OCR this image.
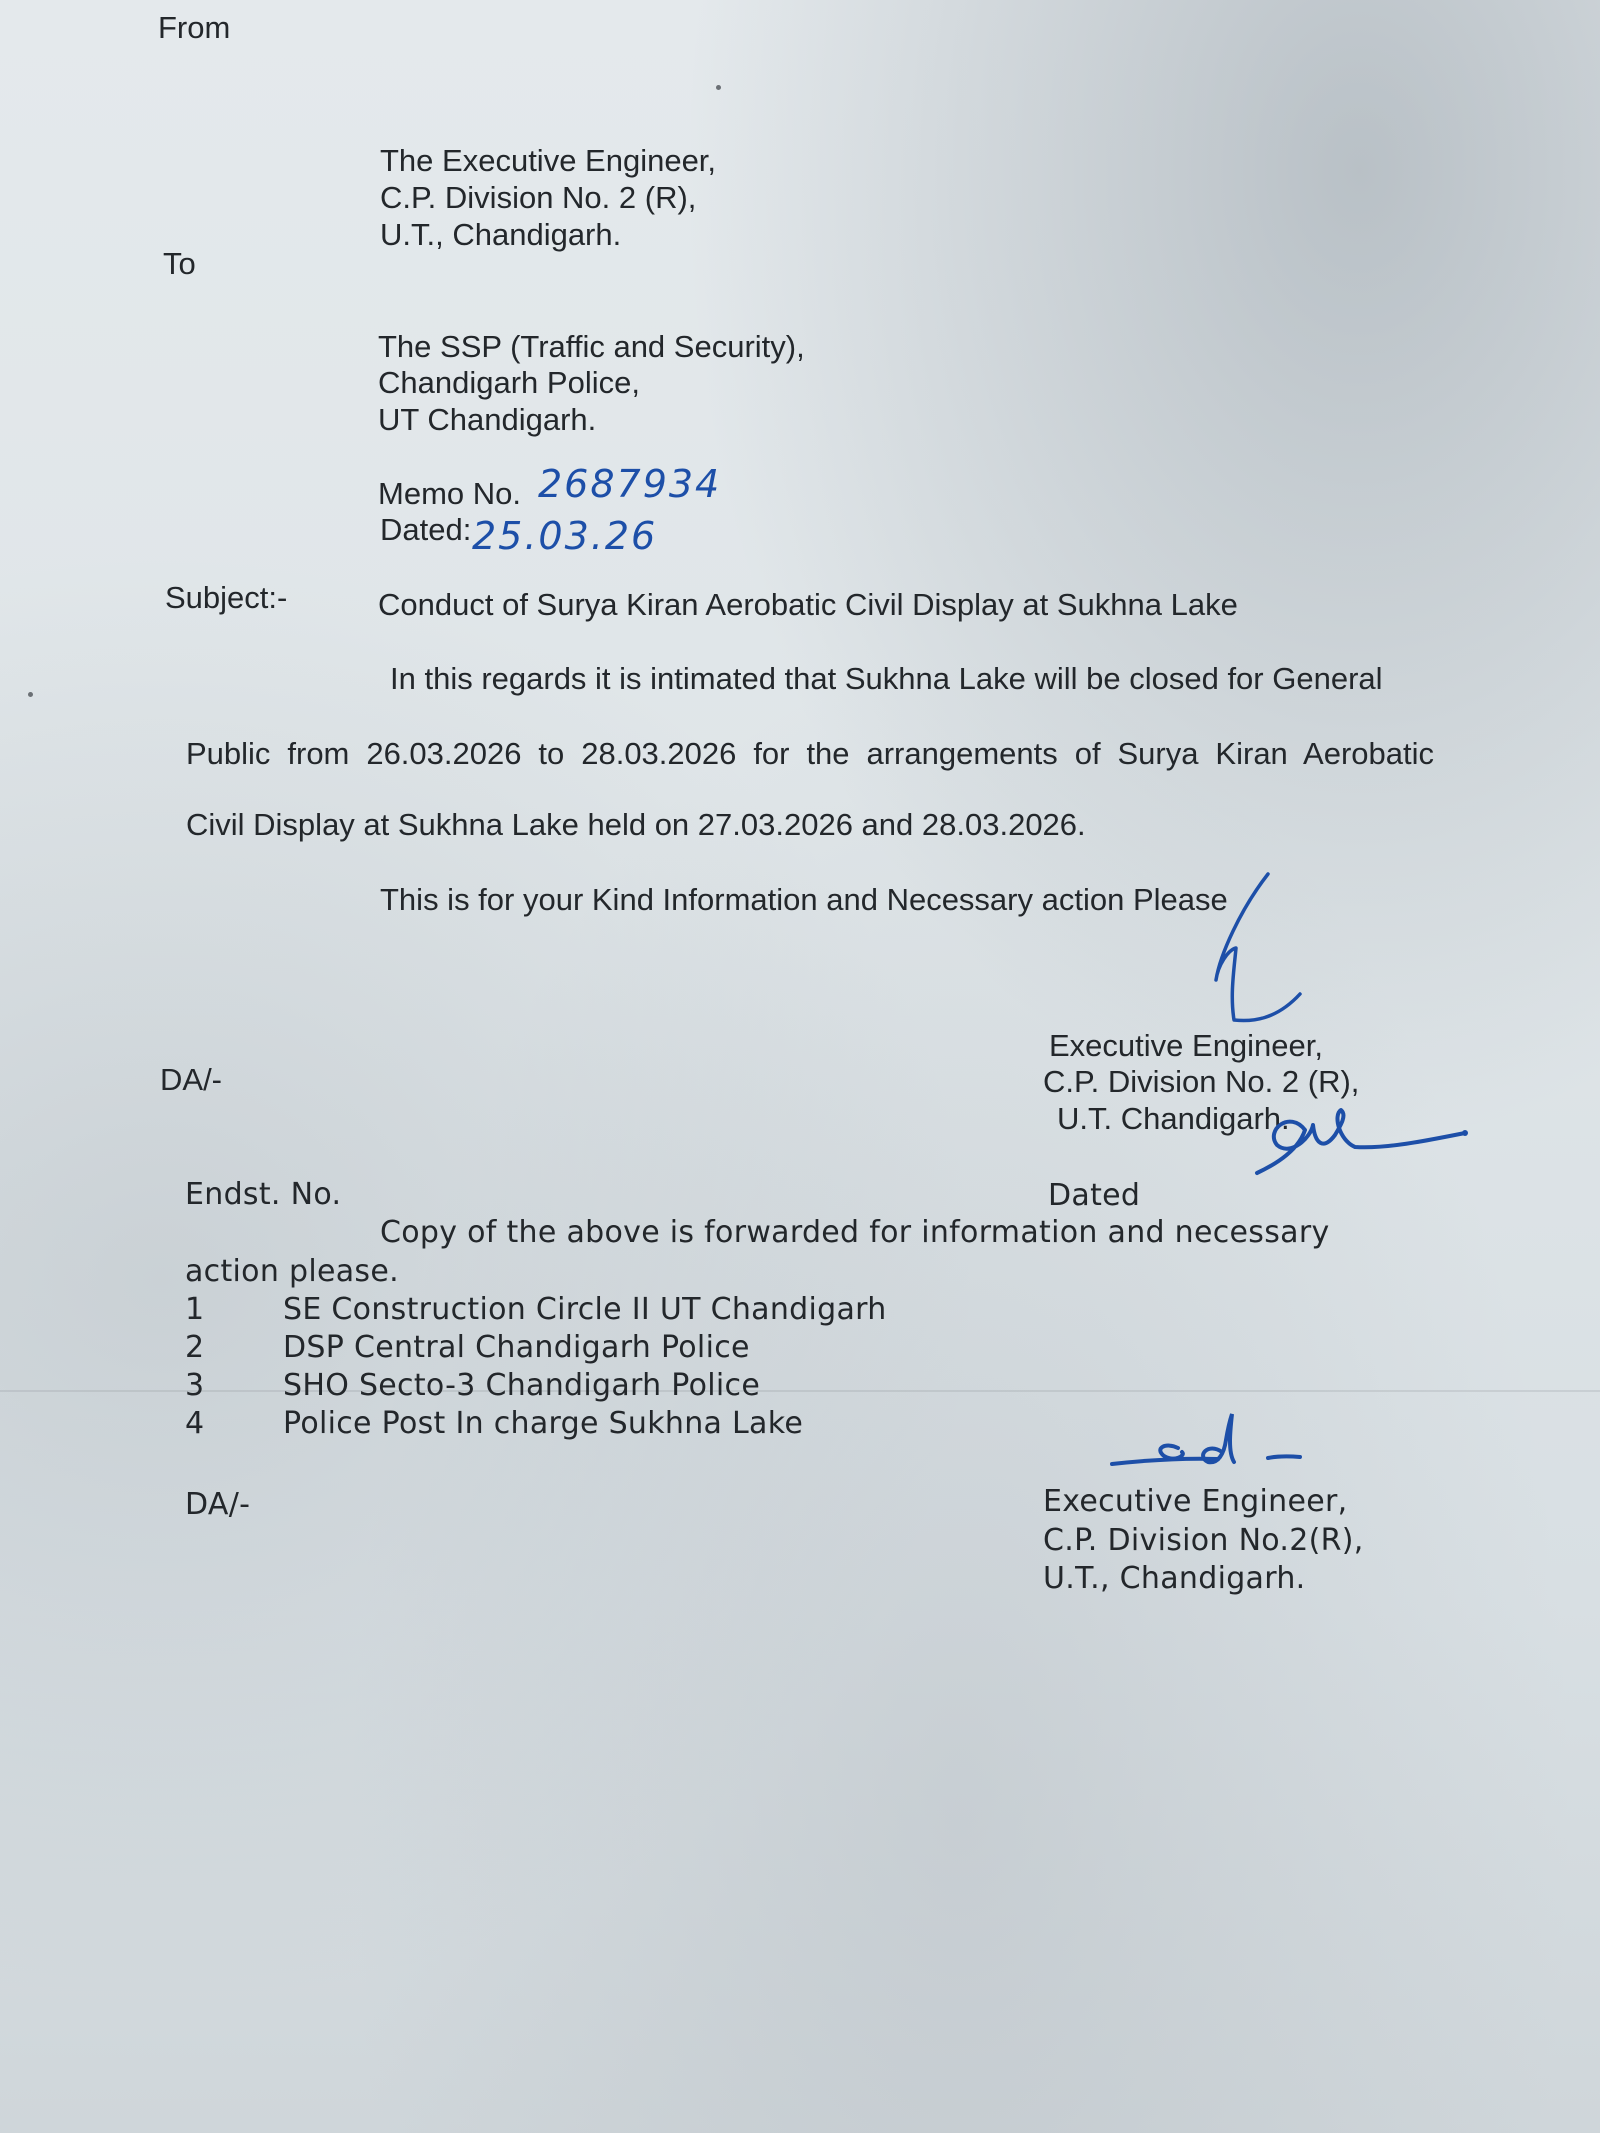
From

The Executive Engineer,

C.P. Division No. 2 (R),

U.T., Chandigarh.

To

The SSP (Traffic and Security),

Chandigarh Police,

UT Chandigarh.

Memo No. 2687934

Dated: 25.03.26

Subject:-	Conduct of Surya Kiran Aerobatic Civil Display at Sukhna Lake

In this regards it is intimated that Sukhna Lake will be closed for General

Public from 26.03.2026 to 28.03.2026 for the arrangements of Surya Kiran Aerobatic

Civil Display at Sukhna Lake held on 27.03.2026 and 28.03.2026.

This is for your Kind Information and Necessary action Please

DA/-

Executive Engineer,

C.P. Division No. 2 (R),

U.T. Chandigarh.

Endst. No.	Dated

Copy of the above is forwarded for information and necessary

action please.

1	SE Construction Circle II UT Chandigarh

2	DSP Central Chandigarh Police

3	SHO Secto-3 Chandigarh Police

4	Police Post In charge Sukhna Lake

DA/-	Executive Engineer,

C.P. Division No.2(R),

U.T., Chandigarh.
